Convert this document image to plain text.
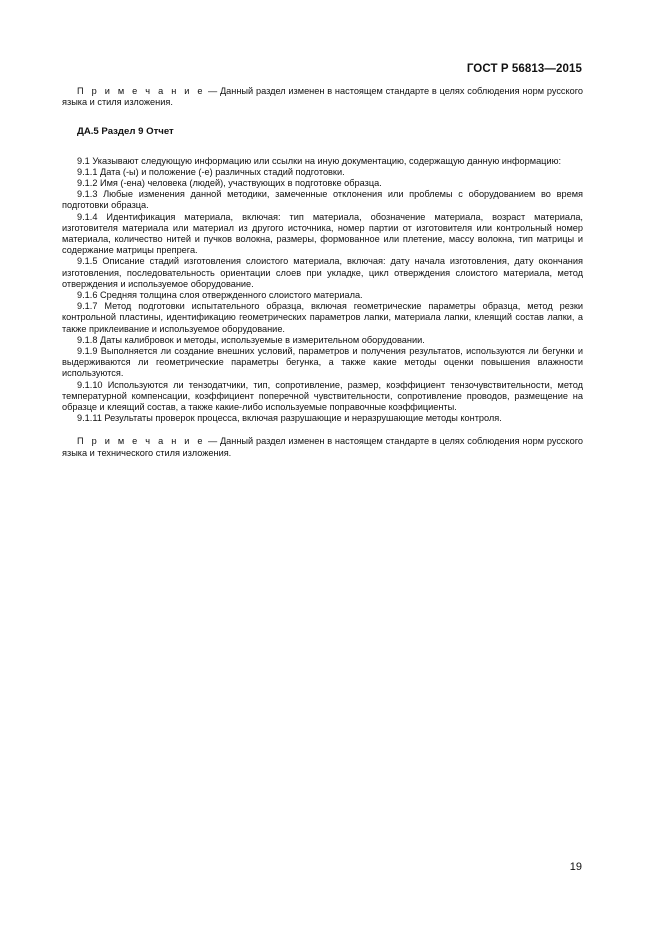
ГОСТ Р 56813—2015

П р и м е ч а н и е — Данный раздел изменен в настоящем стандарте в целях соблюдения норм русского языка и стиля изложения.

ДА.5 Раздел 9 Отчет

9.1 Указывают следующую информацию или ссылки на иную документацию, содержащую данную информацию:

9.1.1 Дата (-ы) и положение (-е) различных стадий подготовки.

9.1.2 Имя (-ена) человека (людей), участвующих в подготовке образца.

9.1.3 Любые изменения данной методики, замеченные отклонения или проблемы с оборудованием во время подготовки образца.

9.1.4 Идентификация материала, включая: тип материала, обозначение материала, возраст материала, изготовителя материала или материал из другого источника, номер партии от изготовителя или контрольный номер материала, количество нитей и пучков волокна, размеры, формованное или плетение, массу волокна, тип матрицы и содержание матрицы препрега.

9.1.5 Описание стадий изготовления слоистого материала, включая: дату начала изготовления, дату окончания изготовления, последовательность ориентации слоев при укладке, цикл отверждения слоистого материала, метод отверждения и используемое оборудование.

9.1.6 Средняя толщина слоя отвержденного слоистого материала.

9.1.7 Метод подготовки испытательного образца, включая геометрические параметры образца, метод резки контрольной пластины, идентификацию геометрических параметров лапки, материала лапки, клеящий состав лапки, а также приклеивание и используемое оборудование.

9.1.8 Даты калибровок и методы, используемые в измерительном оборудовании.

9.1.9 Выполняется ли создание внешних условий, параметров и получения результатов, используются ли бегунки и выдерживаются ли геометрические параметры бегунка, а также какие методы оценки повышения влажности используются.

9.1.10 Используются ли тензодатчики, тип, сопротивление, размер, коэффициент тензочувствительности, метод температурной компенсации, коэффициент поперечной чувствительности, сопротивление проводов, размещение на образце и клеящий состав, а также какие-либо используемые поправочные коэффициенты.

9.1.11 Результаты проверок процесса, включая разрушающие и неразрушающие методы контроля.

П р и м е ч а н и е — Данный раздел изменен в настоящем стандарте в целях соблюдения норм русского языка и технического стиля изложения.

19
